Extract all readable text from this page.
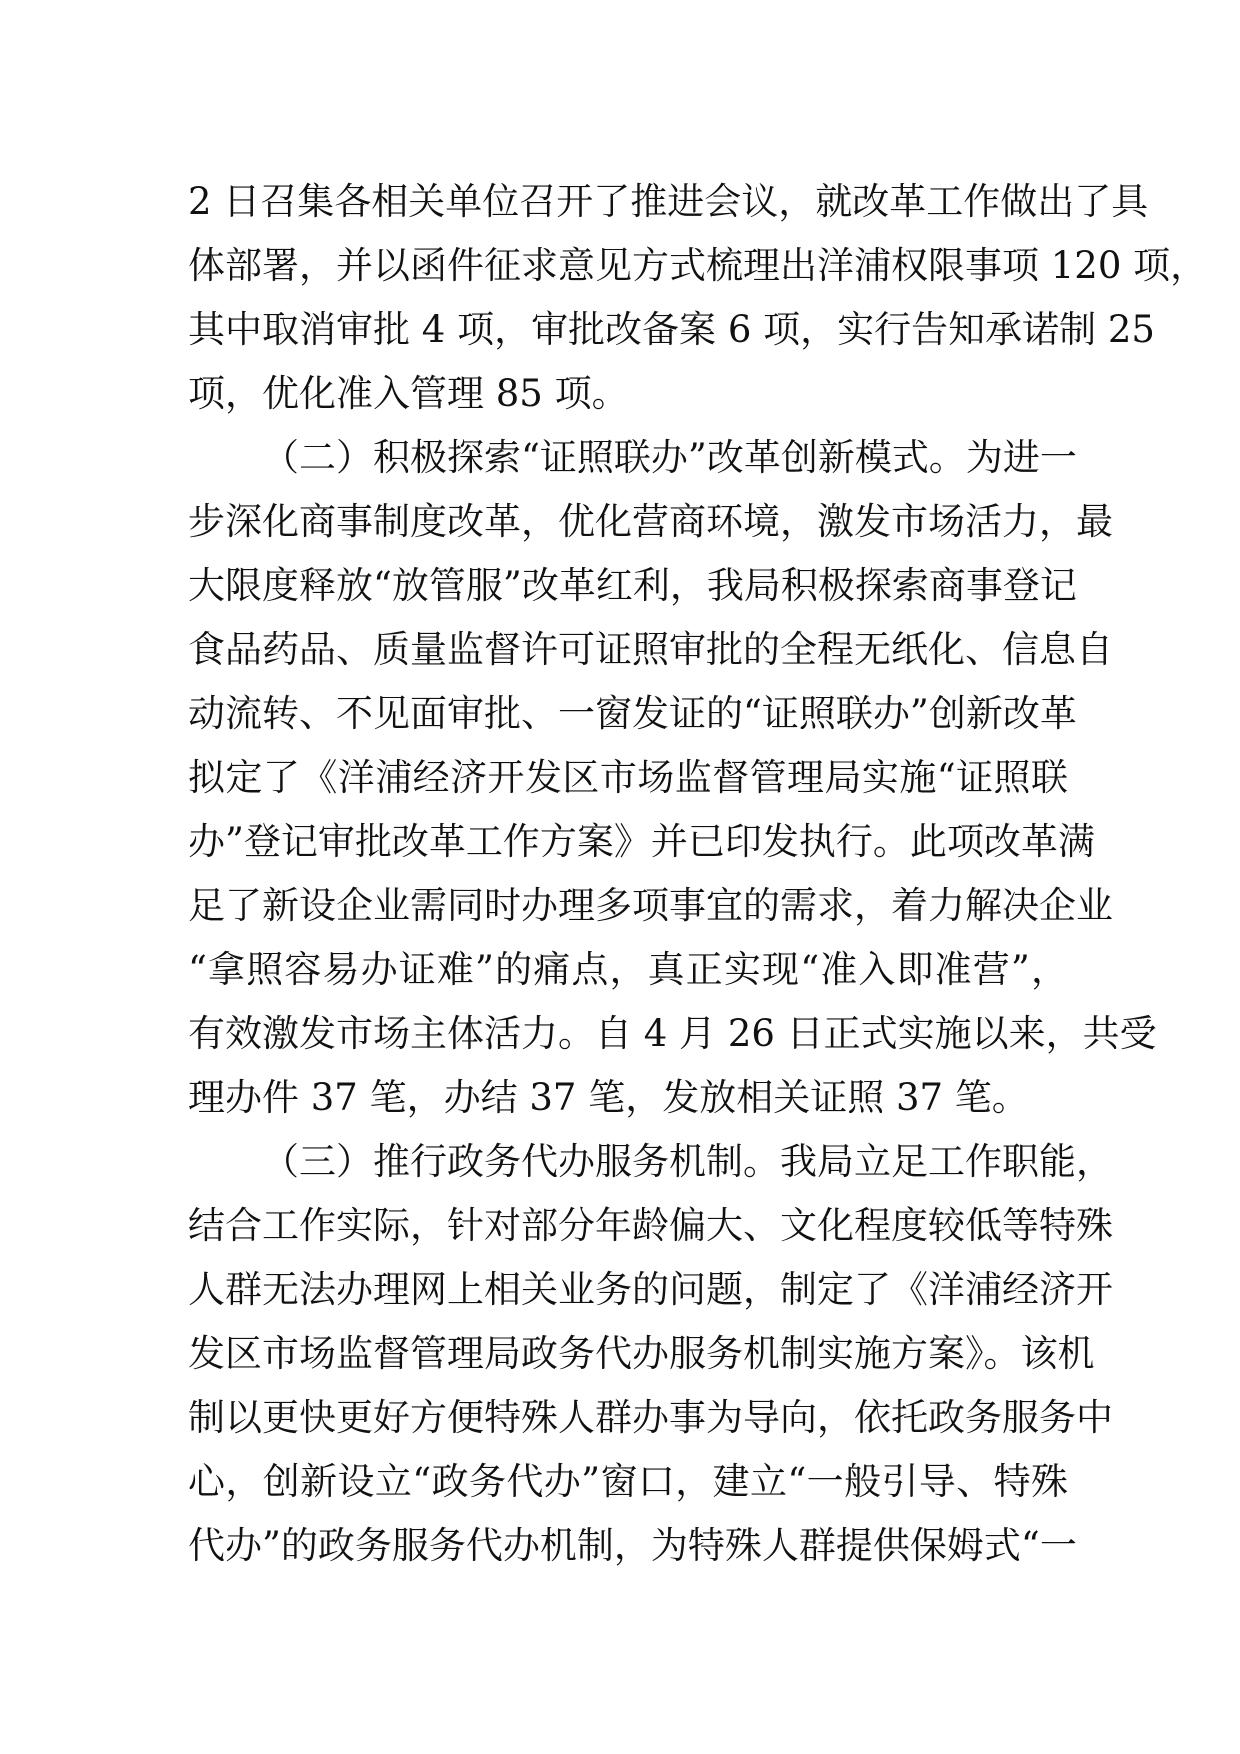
2 日召集各相关单位召开了推进会议，就改革工作做出了具
体部署，并以函件征求意见方式梳理出洋浦权限事项 120 项，
其中取消审批 4 项，审批改备案 6 项，实行告知承诺制 25
项，优化准入管理 85 项。
（二）积极探索“证照联办”改革创新模式。为进一
步深化商事制度改革，优化营商环境，激发市场活力，最
大限度释放“放管服”改革红利，我局积极探索商事登记
食品药品、质量监督许可证照审批的全程无纸化、信息自
动流转、不见面审批、一窗发证的“证照联办”创新改革
拟定了《洋浦经济开发区市场监督管理局实施“证照联
办”登记审批改革工作方案》并已印发执行。此项改革满
足了新设企业需同时办理多项事宜的需求，着力解决企业
“拿照容易办证难”的痛点，真正实现“准入即准营”，
有效激发市场主体活力。自 4 月 26 日正式实施以来，共受
理办件 37 笔，办结 37 笔，发放相关证照 37 笔。
（三）推行政务代办服务机制。我局立足工作职能，
结合工作实际，针对部分年龄偏大、文化程度较低等特殊
人群无法办理网上相关业务的问题，制定了《洋浦经济开
发区市场监督管理局政务代办服务机制实施方案》。该机
制以更快更好方便特殊人群办事为导向，依托政务服务中
心，创新设立“政务代办”窗口，建立“一般引导、特殊
代办”的政务服务代办机制，为特殊人群提供保姆式“一
